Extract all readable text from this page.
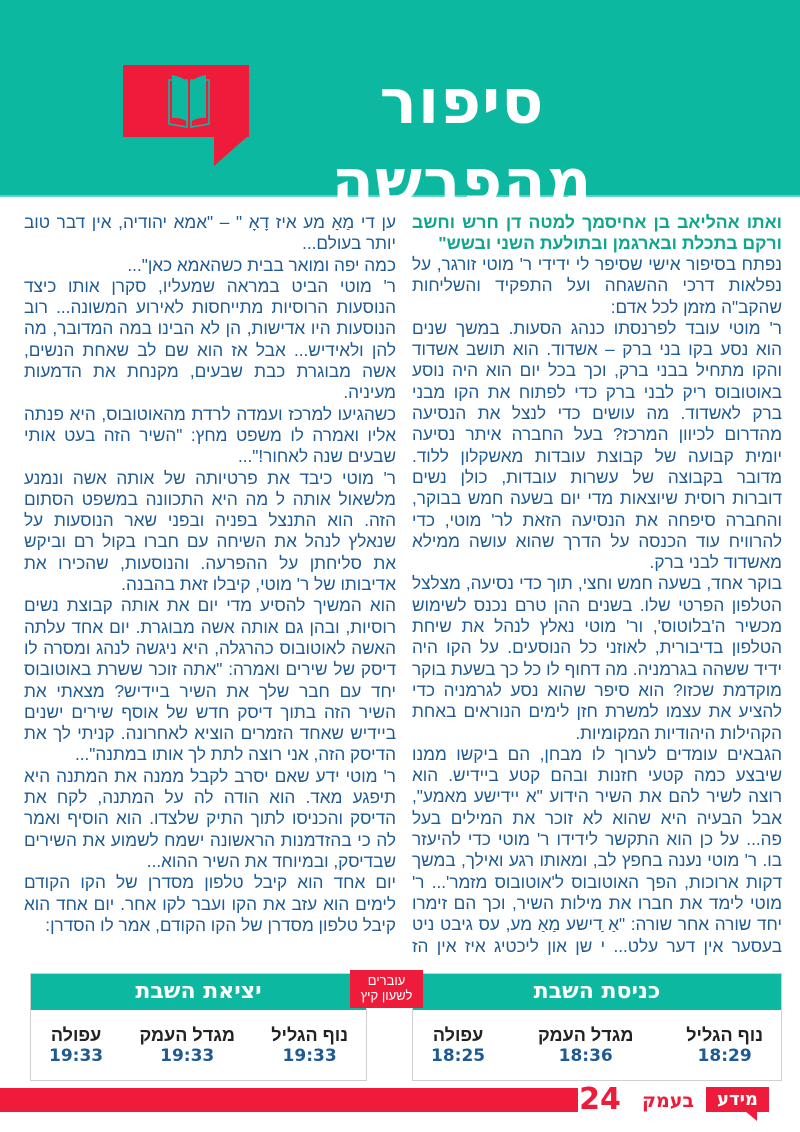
סיפור מהפרשה

ואתו אהליאב בן אחיסמך למטה דן חרש וחשב ורקם בתכלת ובארגמן ובתולעת השני ובשש"

נפתח בסיפור אישי שסיפר לי ידידי ר' מוטי זורגר, על נפלאות דרכי ההשגחה ועל התפקיד והשליחות שהקב"ה מזמן לכל אדם:

ר' מוטי עובד לפרנסתו כנהג הסעות. במשך שנים הוא נסע בקו בני ברק – אשדוד. הוא תושב אשדוד והקו מתחיל בבני ברק, וכך בכל יום הוא היה נוסע באוטובוס ריק לבני ברק כדי לפתוח את הקו מבני ברק לאשדוד. מה עושים כדי לנצל את הנסיעה מהדרום לכיוון המרכז? בעל החברה איתר נסיעה יומית קבועה של קבוצת עובדות מאשקלון ללוד. מדובר בקבוצה של עשרות עובדות, כולן נשים דוברות רוסית שיוצאות מדי יום בשעה חמש בבוקר, והחברה סיפחה את הנסיעה הזאת לר' מוטי, כדי להרוויח עוד הכנסה על הדרך שהוא עושה ממילא מאשדוד לבני ברק.

בוקר אחד, בשעה חמש וחצי, תוך כדי נסיעה, מצלצל הטלפון הפרטי שלו. בשנים ההן טרם נכנס לשימוש מכשיר ה'בלוטוס', ור' מוטי נאלץ לנהל את שיחת הטלפון בדיבורית, לאוזני כל הנוסעים. על הקו היה ידיד ששהה בגרמניה. מה דחוף לו כל כך בשעת בוקר מוקדמת שכזו? הוא סיפר שהוא נסע לגרמניה כדי להציע את עצמו למשרת חזן לימים הנוראים באחת הקהילות היהודיות המקומיות.

הגבאים עומדים לערוך לו מבחן, הם ביקשו ממנו שיבצע כמה קטעי חזנות ובהם קטע ביידיש. הוא רוצה לשיר להם את השיר הידוע "א יידישע מאמע", אבל הבעיה היא שהוא לא זוכר את המילים בעל פה... על כן הוא התקשר לידידו ר' מוטי כדי להיעזר בו. ר' מוטי נענה בחפץ לב, ומאותו רגע ואילך, במשך דקות ארוכות, הפך האוטובוס ל'אוטובוס מזמר'... ר' מוטי לימד את חברו את מילות השיר, וכך הם זימרו יחד שורה אחר שורה: "אַ ַדישע מַאַ מע, עס גיבט ניט בעסער אין דער עלט... י שן און ליכטיג איז אין הז

ען די מַאַ מע איז דָאָ " – "אמא יהודיה, אין דבר טוב יותר בעולם...

כמה יפה ומואר בבית כשהאמא כאן"...

ר' מוטי הביט במראה שמעליו, סקרן אותו כיצד הנוסעות הרוסיות מתייחסות לאירוע המשונה... רוב הנוסעות היו אדישות, הן לא הבינו במה המדובר, מה להן ולאידיש... אבל אז הוא שם לב שאחת הנשים, אשה מבוגרת כבת שבעים, מקנחת את הדמעות מעיניה.

כשהגיעו למרכז ועמדה לרדת מהאוטובוס, היא פנתה אליו ואמרה לו משפט מחץ: "השיר הזה בעט אותי שבעים שנה לאחור!"...

ר' מוטי כיבד את פרטיותה של אותה אשה ונמנע מלשאול אותה ל מה היא התכוונה במשפט הסתום הזה. הוא התנצל בפניה ובפני שאר הנוסעות על שנאלץ לנהל את השיחה עם חברו בקול רם וביקש את סליחתן על ההפרעה. והנוסעות, שהכירו את אדיבותו של ר' מוטי, קיבלו זאת בהבנה.

הוא המשיך להסיע מדי יום את אותה קבוצת נשים רוסיות, ובהן גם אותה אשה מבוגרת. יום אחד עלתה האשה לאוטובוס כהרגלה, היא ניגשה לנהג ומסרה לו דיסק של שירים ואמרה: "אתה זוכר ששרת באוטובוס יחד עם חבר שלך את השיר ביידיש? מצאתי את השיר הזה בתוך דיסק חדש של אוסף שירים ישנים ביידיש שאחד הזמרים הוציא לאחרונה. קניתי לך את הדיסק הזה, אני רוצה לתת לך אותו במתנה"...

ר' מוטי ידע שאם יסרב לקבל ממנה את המתנה היא תיפגע מאד. הוא הודה לה על המתנה, לקח את הדיסק והכניסו לתוך התיק שלצדו. הוא הוסיף ואמר לה כי בהזדמנות הראשונה ישמח לשמוע את השירים שבדיסק, ובמיוחד את השיר ההוא...

יום אחד הוא קיבל טלפון מסדרן של הקו הקודם לימים הוא עזב את הקו ועבר לקו אחר. יום אחד הוא קיבל טלפון מסדרן של הקו הקודם, אמר לו הסדרן:

כניסת השבת
עפולה
18:25
מגדל העמק
18:36
נוף הגליל
18:29
יציאת השבת
עפולה
19:33
מגדל העמק
19:33
נוף הגליל
19:33
עוברים
לשעון קיץ
24	בעמק	מידע
